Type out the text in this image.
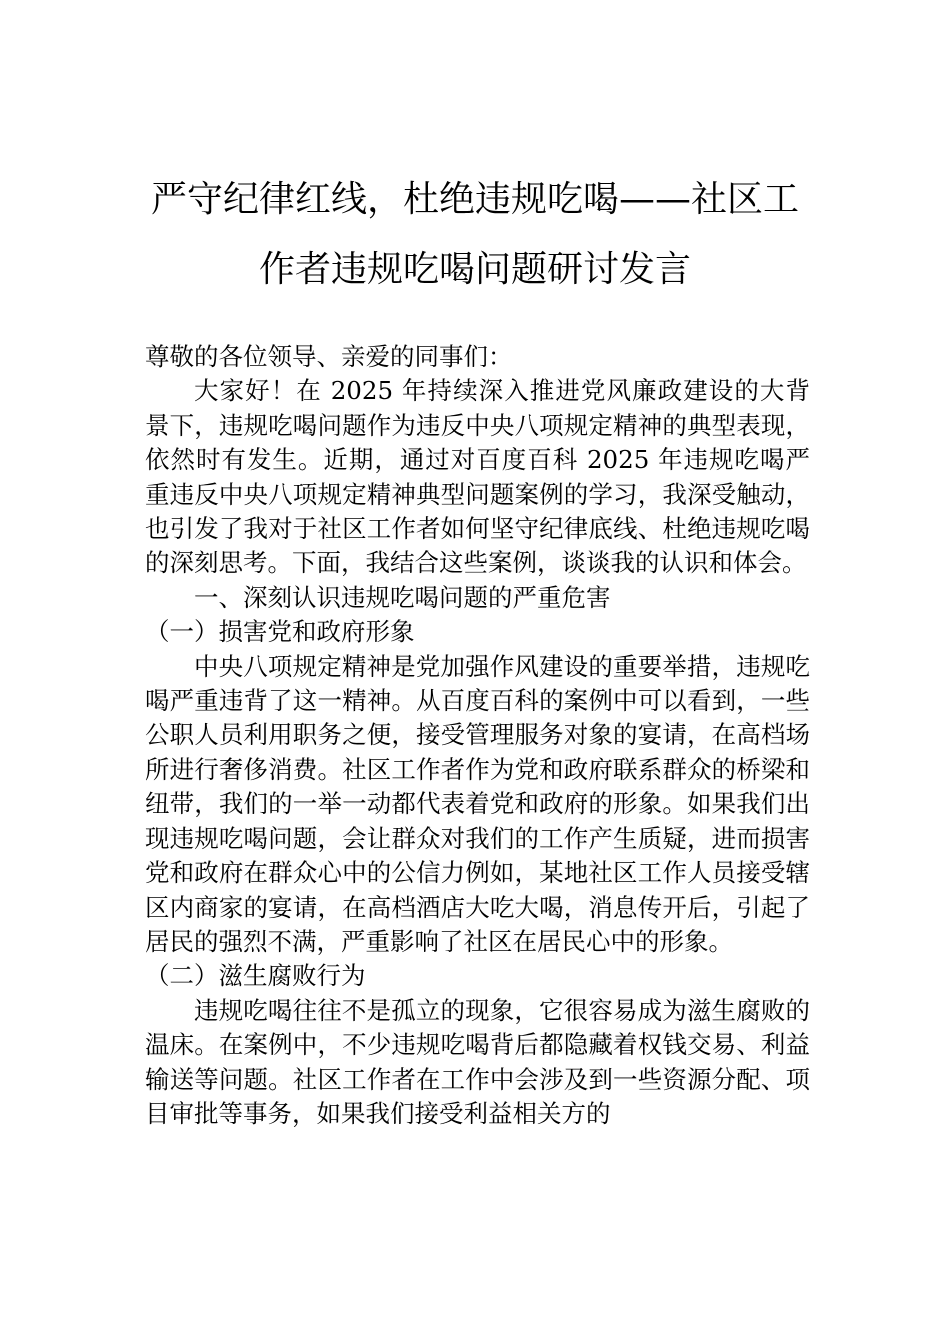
严守纪律红线，杜绝违规吃喝——社区工
作者违规吃喝问题研讨发言

尊敬的各位领导、亲爱的同事们：

大家好！在 2025 年持续深入推进党风廉政建设的大背景下，违规吃喝问题作为违反中央八项规定精神的典型表现，依然时有发生。近期，通过对百度百科 2025 年违规吃喝严重违反中央八项规定精神典型问题案例的学习，我深受触动，也引发了我对于社区工作者如何坚守纪律底线、杜绝违规吃喝的深刻思考。下面，我结合这些案例，谈谈我的认识和体会。

一、深刻认识违规吃喝问题的严重危害

（一）损害党和政府形象

中央八项规定精神是党加强作风建设的重要举措，违规吃喝严重违背了这一精神。从百度百科的案例中可以看到，一些公职人员利用职务之便，接受管理服务对象的宴请，在高档场所进行奢侈消费。社区工作者作为党和政府联系群众的桥梁和纽带，我们的一举一动都代表着党和政府的形象。如果我们出现违规吃喝问题，会让群众对我们的工作产生质疑，进而损害党和政府在群众心中的公信力例如，某地社区工作人员接受辖区内商家的宴请，在高档酒店大吃大喝，消息传开后，引起了居民的强烈不满，严重影响了社区在居民心中的形象。

（二）滋生腐败行为

违规吃喝往往不是孤立的现象，它很容易成为滋生腐败的温床。在案例中，不少违规吃喝背后都隐藏着权钱交易、利益输送等问题。社区工作者在工作中会涉及到一些资源分配、项目审批等事务，如果我们接受利益相关方的
